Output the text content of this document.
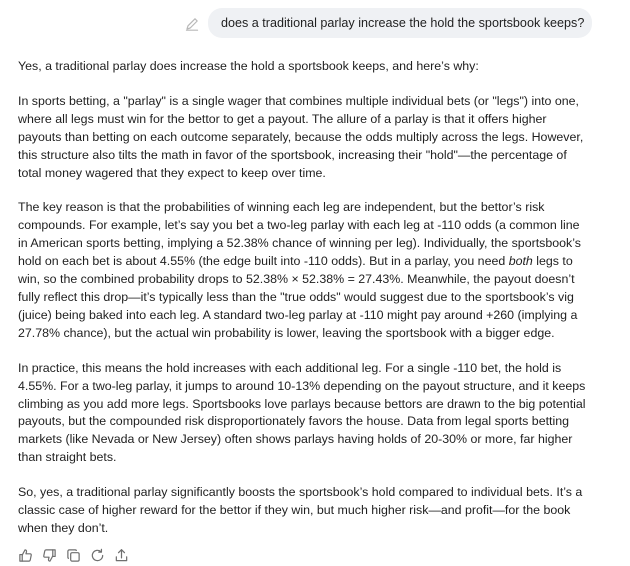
does a traditional parlay increase the hold the sportsbook keeps?

Yes, a traditional parlay does increase the hold a sportsbook keeps, and here’s why:

In sports betting, a "parlay" is a single wager that combines multiple individual bets (or "legs") into one, where all legs must win for the bettor to get a payout. The allure of a parlay is that it offers higher payouts than betting on each outcome separately, because the odds multiply across the legs. However, this structure also tilts the math in favor of the sportsbook, increasing their "hold"—the percentage of total money wagered that they expect to keep over time.

The key reason is that the probabilities of winning each leg are independent, but the bettor’s risk compounds. For example, let’s say you bet a two-leg parlay with each leg at -110 odds (a common line in American sports betting, implying a 52.38% chance of winning per leg). Individually, the sportsbook’s hold on each bet is about 4.55% (the edge built into -110 odds). But in a parlay, you need both legs to win, so the combined probability drops to 52.38% × 52.38% = 27.43%. Meanwhile, the payout doesn’t fully reflect this drop—it’s typically less than the "true odds" would suggest due to the sportsbook’s vig (juice) being baked into each leg. A standard two-leg parlay at -110 might pay around +260 (implying a 27.78% chance), but the actual win probability is lower, leaving the sportsbook with a bigger edge.

In practice, this means the hold increases with each additional leg. For a single -110 bet, the hold is 4.55%. For a two-leg parlay, it jumps to around 10-13% depending on the payout structure, and it keeps climbing as you add more legs. Sportsbooks love parlays because bettors are drawn to the big potential payouts, but the compounded risk disproportionately favors the house. Data from legal sports betting markets (like Nevada or New Jersey) often shows parlays having holds of 20-30% or more, far higher than straight bets.

So, yes, a traditional parlay significantly boosts the sportsbook’s hold compared to individual bets. It’s a classic case of higher reward for the bettor if they win, but much higher risk—and profit—for the book when they don’t.
